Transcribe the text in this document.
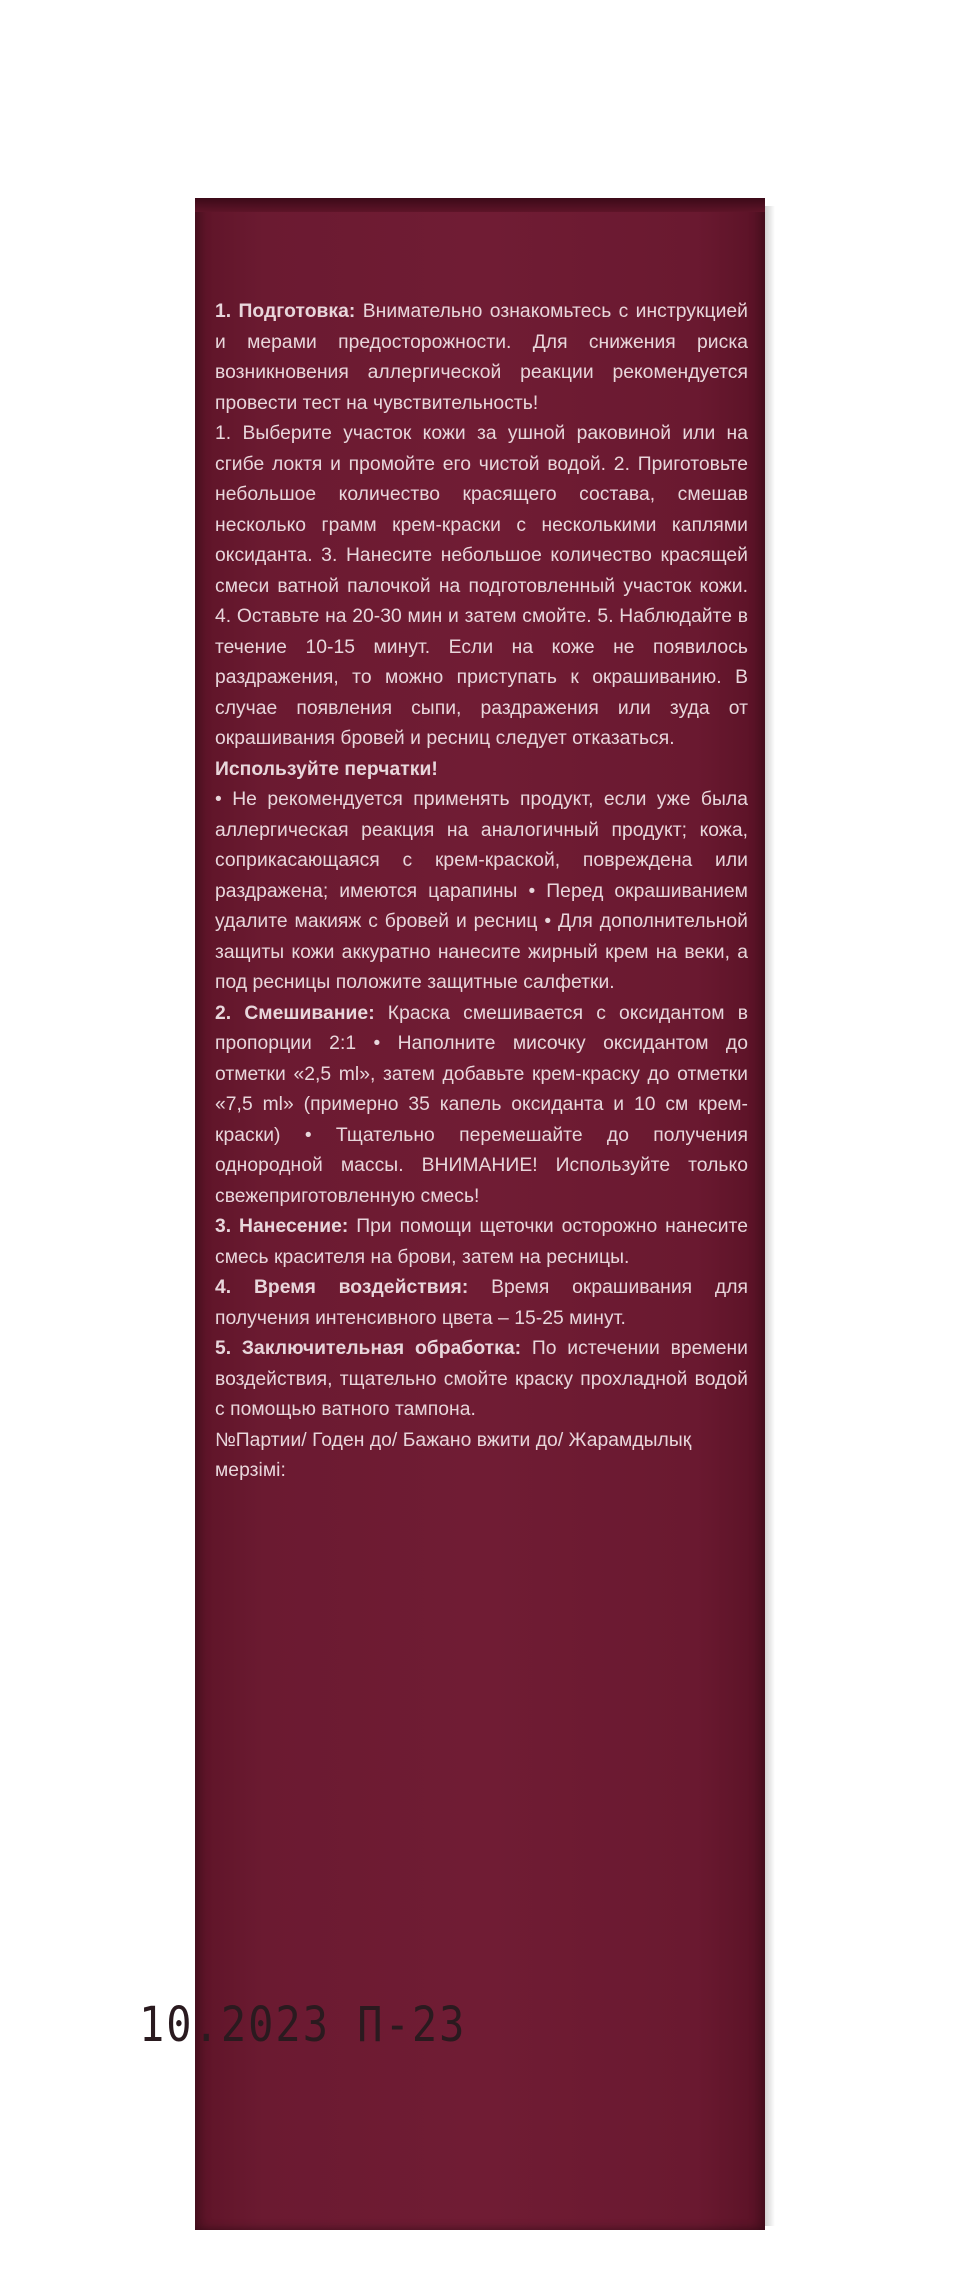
1. Подготовка: Внимательно ознакомьтесь с инструкцией и мерами предосторожности. Для снижения риска возникновения аллергической реакции рекомендуется провести тест на чувствительность!

1. Выберите участок кожи за ушной раковиной или на сгибе локтя и промойте его чистой водой. 2. Приготовьте небольшое количество красящего состава, смешав несколько грамм крем-краски с несколькими каплями оксиданта. 3. Нанесите небольшое количество красящей смеси ватной палочкой на подготовленный участок кожи. 4. Оставьте на 20-30 мин и затем смойте. 5. Наблюдайте в течение 10-15 минут. Если на коже не появилось раздражения, то можно приступать к окрашиванию. В случае появления сыпи, раздражения или зуда от окрашивания бровей и ресниц следует отказаться.

Используйте перчатки!

• Не рекомендуется применять продукт, если уже была аллергическая реакция на аналогичный продукт; кожа, соприкасающаяся с крем-краской, повреждена или раздражена; имеются царапины • Перед окрашиванием удалите макияж с бровей и ресниц • Для дополнительной защиты кожи аккуратно нанесите жирный крем на веки, а под ресницы положите защитные салфетки.

2. Смешивание: Краска смешивается с оксидантом в пропорции 2:1 • Наполните мисочку оксидантом до отметки «2,5 ml», затем добавьте крем-краску до отметки «7,5 ml» (примерно 35 капель оксиданта и 10 см крем-краски) • Тщательно перемешайте до получения однородной массы. ВНИМАНИЕ! Используйте только свежеприготовленную смесь!

3. Нанесение: При помощи щеточки осторожно нанесите смесь красителя на брови, затем на ресницы.

4. Время воздействия: Время окрашивания для получения интенсивного цвета – 15-25 минут.

5. Заключительная обработка: По истечении времени воздействия, тщательно смойте краску прохладной водой с помощью ватного тампона.

№Партии/ Годен до/ Бажано вжити до/ Жарамдылық мерзімі:

10.2023 П-23
